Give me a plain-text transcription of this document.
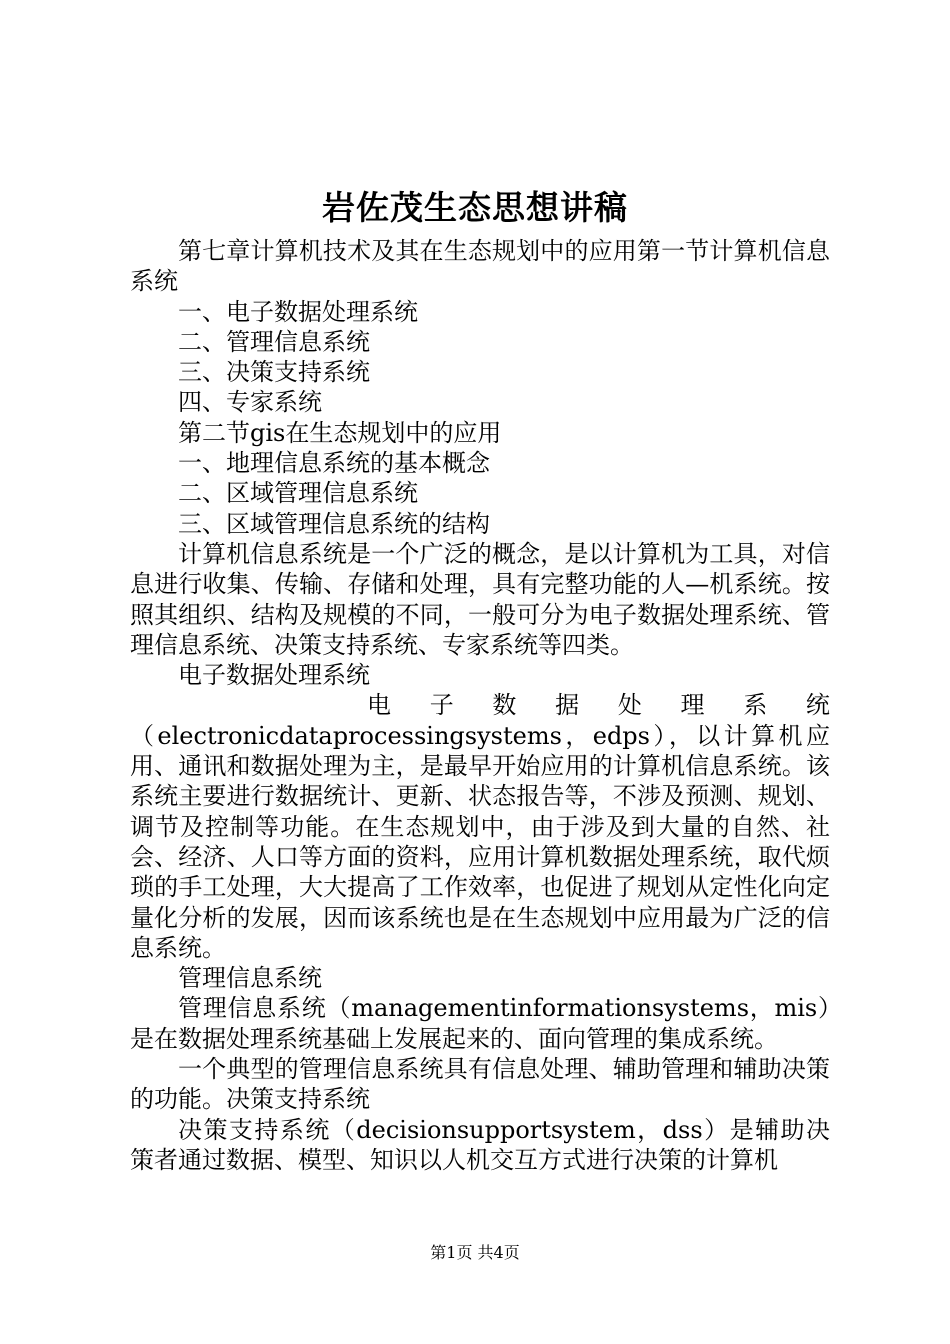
岩佐茂生态思想讲稿

第七章计算机技术及其在生态规划中的应用第一节计算机信息系统

一、电子数据处理系统

二、管理信息系统

三、决策支持系统

四、专家系统

第二节gis在生态规划中的应用

一、地理信息系统的基本概念

二、区域管理信息系统

三、区域管理信息系统的结构

计算机信息系统是一个广泛的概念，是以计算机为工具，对信息进行收集、传输、存储和处理，具有完整功能的人—机系统。按照其组织、结构及规模的不同，一般可分为电子数据处理系统、管理信息系统、决策支持系统、专家系统等四类。

电子数据处理系统

电 子 数 据 处 理 系 统

（electronicdataprocessingsystems，edps），以计算机应用、通讯和数据处理为主，是最早开始应用的计算机信息系统。该系统主要进行数据统计、更新、状态报告等，不涉及预测、规划、调节及控制等功能。在生态规划中，由于涉及到大量的自然、社会、经济、人口等方面的资料，应用计算机数据处理系统，取代烦琐的手工处理，大大提高了工作效率，也促进了规划从定性化向定量化分析的发展，因而该系统也是在生态规划中应用最为广泛的信息系统。

管理信息系统

管理信息系统（managementinformationsystems，mis）是在数据处理系统基础上发展起来的、面向管理的集成系统。

一个典型的管理信息系统具有信息处理、辅助管理和辅助决策的功能。决策支持系统

决策支持系统（decisionsupportsystem，dss）是辅助决策者通过数据、模型、知识以人机交互方式进行决策的计算机

第1页 共4页
